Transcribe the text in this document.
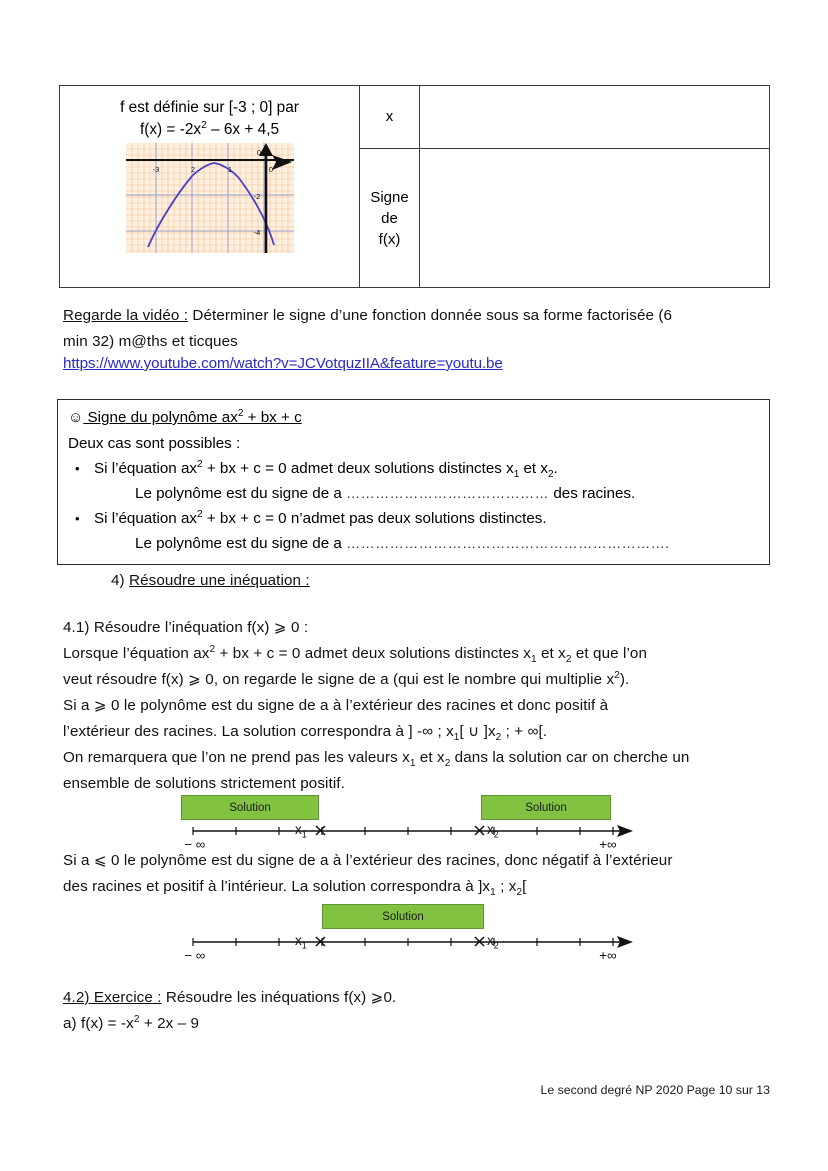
f est définie sur [-3 ; 0] par
$f(x) = -2x^2 - 6x + 4,5$
-3	2	1
0
0
-2
-4
	x	

	Signe
de
f(x)	

Regarde la vidéo : Déterminer le signe d’une fonction donnée sous sa forme factorisée (6
min 32) m@ths et ticques
https://www.youtube.com/watch?v=JCVotquzIIA&feature=youtu.be
☺ Signe du polynôme $ax^2$ + bx + c
Deux cas sont possibles :
• Si l’équation $ax^2$ + bx + c = 0 admet deux solutions distinctes $x_1$ et $x_2$.
Le polynôme est du signe de a …………………………………… des racines.
• Si l’équation $ax^2$ + bx + c = 0 n’admet pas deux solutions distinctes.
Le polynôme est du signe de a ………………………………………………………….
4) Résoudre une inéquation :
4.1) Résoudre l’inéquation f(x) ⩾ 0 :
Lorsque l’équation $ax^2$ + bx + c = 0 admet deux solutions distinctes $x_1$ et $x_2$ et que l’on
veut résoudre f(x) ⩾ 0, on regarde le signe de a (qui est le nombre qui multiplie $x^2$).
Si a ⩾ 0 le polynôme est du signe de a à l’extérieur des racines et donc positif à
l’extérieur des racines. La solution correspondra à ] -∞ ; $x_1$[ ∪ ]$x_2$ ; + ∞[.
On remarquera que l’on ne prend pas les valeurs $x_1$ et $x_2$ dans la solution car on cherche un
ensemble de solutions strictement positif.
Solution	Solution
$x_1$	$x_2$
− ∞	+∞
Si a ⩽ 0 le polynôme est du signe de a à l’extérieur des racines, donc négatif à l’extérieur
des racines et positif à l’intérieur. La solution correspondra à ]$x_1$ ; $x_2$[
Solution
$x_1$	$x_2$
− ∞	+∞
4.2) Exercice : Résoudre les inéquations f(x) ⩾0.
a) $f(x) = -x^2 + 2x - 9$
Le second degré NP 2020 Page 10 sur 13
